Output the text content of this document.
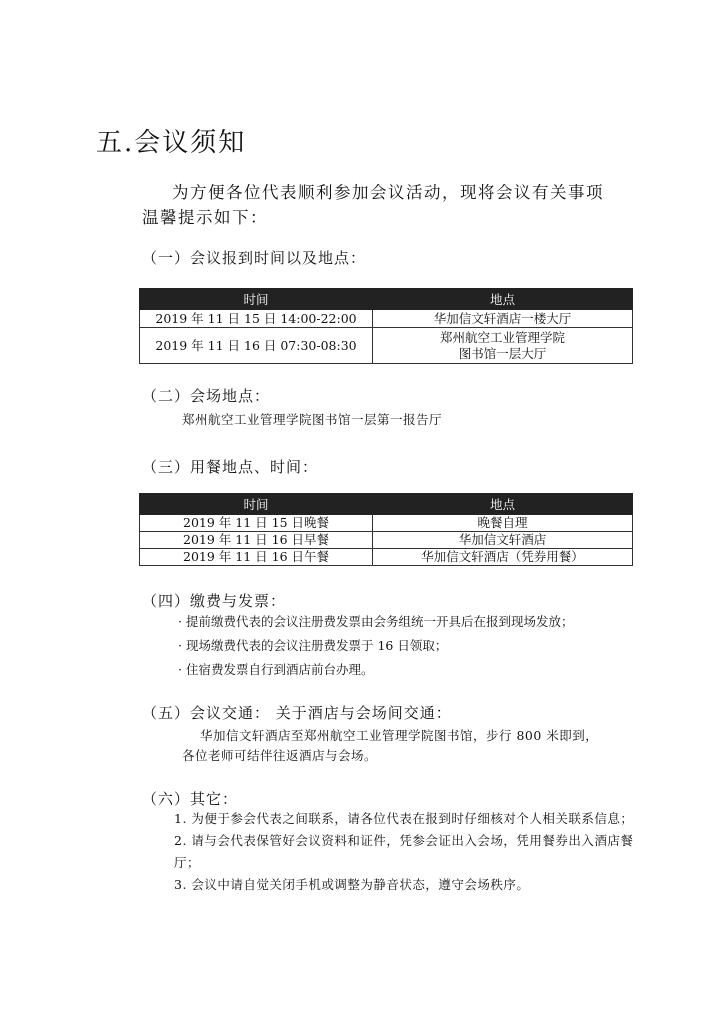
五.会议须知

为方便各位代表顺利参加会议活动，现将会议有关事项
温馨提示如下：

（一）会议报到时间以及地点：
时间	地点
2019 年 11 日 15 日 14:00-22:00	华加信文轩酒店一楼大厅
2019 年 11 日 16 日 07:30-08:30	郑州航空工业管理学院
图书馆一层大厅
（二）会场地点：

郑州航空工业管理学院图书馆一层第一报告厅

（三）用餐地点、时间：
时间	地点
2019 年 11 日 15 日晚餐	晚餐自理
2019 年 11 日 16 日早餐	华加信文轩酒店
2019 年 11 日 16 日午餐	华加信文轩酒店（凭券用餐）
（四）缴费与发票：
· 提前缴费代表的会议注册费发票由会务组统一开具后在报到现场发放；
· 现场缴费代表的会议注册费发票于 16 日领取；
· 住宿费发票自行到酒店前台办理。
（五）会议交通： 关于酒店与会场间交通：

华加信文轩酒店至郑州航空工业管理学院图书馆，步行 800 米即到，

各位老师可结伴往返酒店与会场。

（六）其它：
1. 为便于参会代表之间联系，请各位代表在报到时仔细核对个人相关联系信息；
2. 请与会代表保管好会议资料和证件，凭参会证出入会场，凭用餐券出入酒店餐厅；
3. 会议中请自觉关闭手机或调整为静音状态，遵守会场秩序。
